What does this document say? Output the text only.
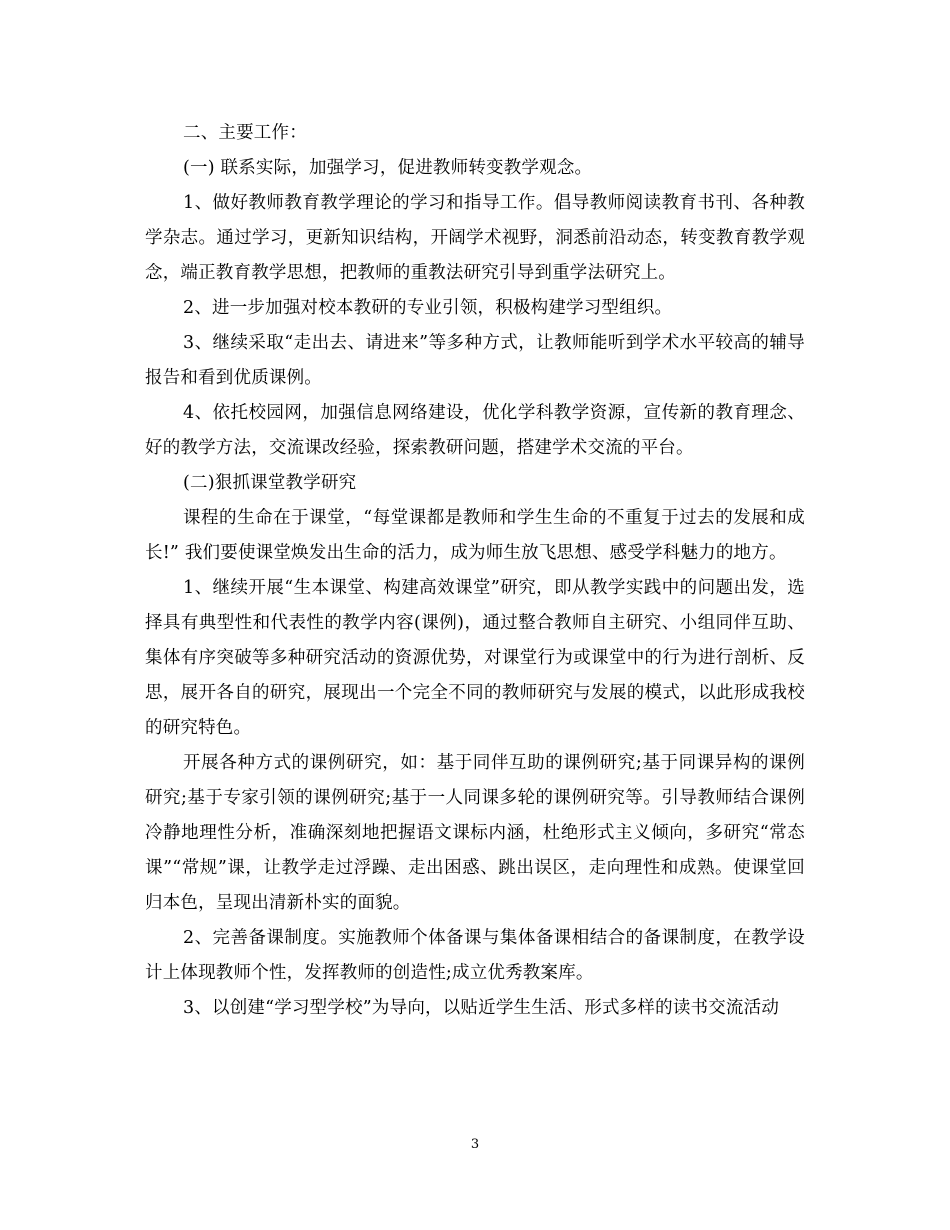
二、主要工作：

(一) 联系实际，加强学习，促进教师转变教学观念。

1、做好教师教育教学理论的学习和指导工作。倡导教师阅读教育书刊、各种教学杂志。通过学习，更新知识结构，开阔学术视野，洞悉前沿动态，转变教育教学观念，端正教育教学思想，把教师的重教法研究引导到重学法研究上。

2、进一步加强对校本教研的专业引领，积极构建学习型组织。

3、继续采取“走出去、请进来”等多种方式，让教师能听到学术水平较高的辅导报告和看到优质课例。

4、依托校园网，加强信息网络建设，优化学科教学资源，宣传新的教育理念、好的教学方法，交流课改经验，探索教研问题，搭建学术交流的平台。

(二)狠抓课堂教学研究

课程的生命在于课堂，“每堂课都是教师和学生生命的不重复于过去的发展和成长!” 我们要使课堂焕发出生命的活力，成为师生放飞思想、感受学科魅力的地方。

1、继续开展“生本课堂、构建高效课堂”研究，即从教学实践中的问题出发，选择具有典型性和代表性的教学内容(课例)，通过整合教师自主研究、小组同伴互助、集体有序突破等多种研究活动的资源优势，对课堂行为或课堂中的行为进行剖析、反思，展开各自的研究，展现出一个完全不同的教师研究与发展的模式，以此形成我校的研究特色。

开展各种方式的课例研究，如：基于同伴互助的课例研究;基于同课异构的课例研究;基于专家引领的课例研究;基于一人同课多轮的课例研究等。引导教师结合课例冷静地理性分析，准确深刻地把握语文课标内涵，杜绝形式主义倾向，多研究“常态课”“常规”课，让教学走过浮躁、走出困惑、跳出误区，走向理性和成熟。使课堂回归本色，呈现出清新朴实的面貌。

2、完善备课制度。实施教师个体备课与集体备课相结合的备课制度，在教学设计上体现教师个性，发挥教师的创造性;成立优秀教案库。

3、以创建“学习型学校”为导向，以贴近学生生活、形式多样的读书交流活动

3
